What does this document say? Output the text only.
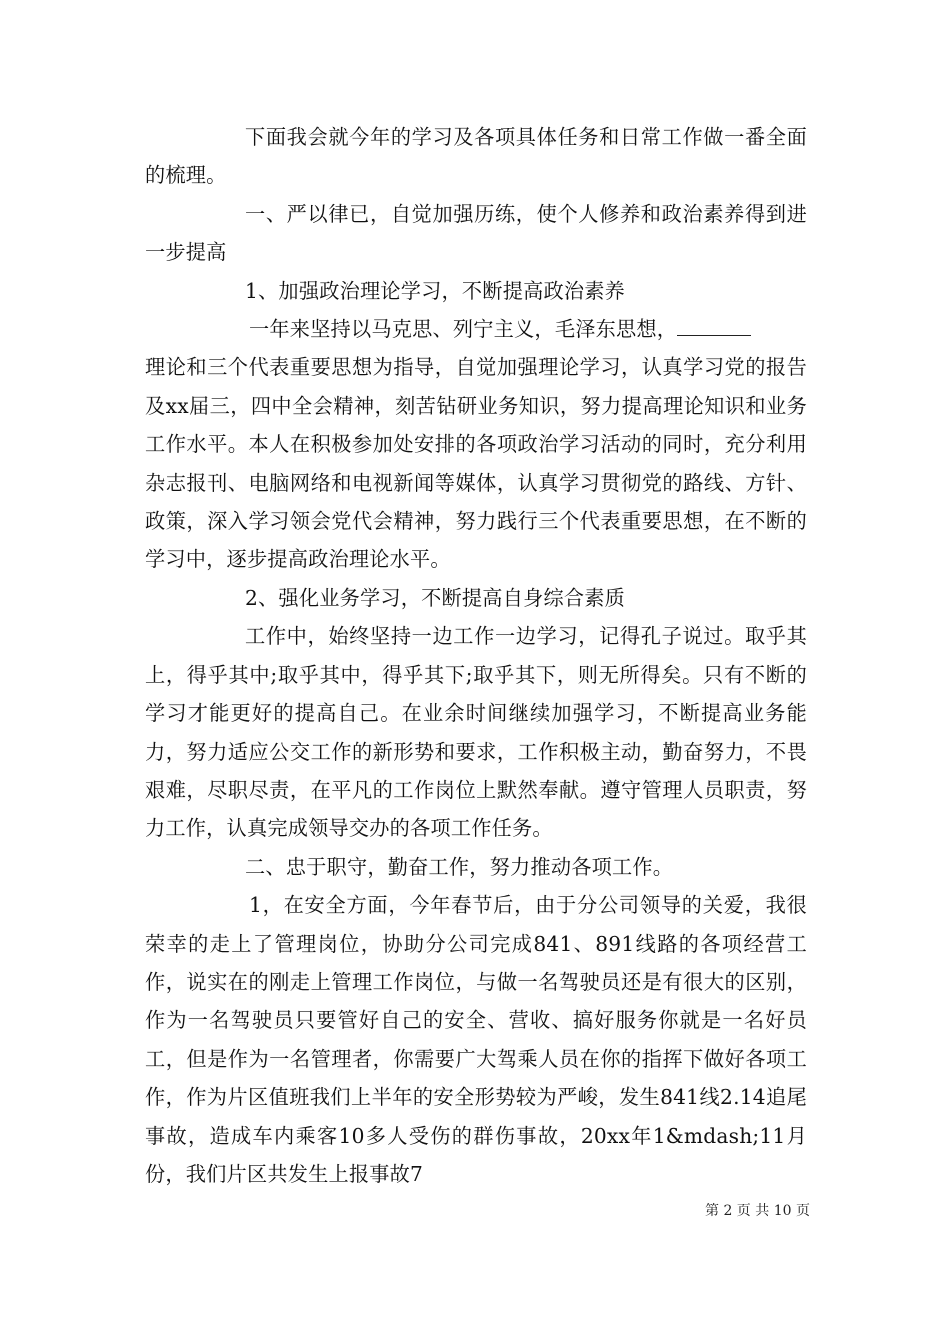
下面我会就今年的学习及各项具体任务和日常工作做一番全面的梳理。

一、严以律已，自觉加强历练，使个人修养和政治素养得到进一步提高

1、加强政治理论学习，不断提高政治素养

一年来坚持以马克思、列宁主义，毛泽东思想，

理论和三个代表重要思想为指导，自觉加强理论学习，认真学习党的报告及xx届三，四中全会精神，刻苦钻研业务知识，努力提高理论知识和业务工作水平。本人在积极参加处安排的各项政治学习活动的同时，充分利用杂志报刊、电脑网络和电视新闻等媒体，认真学习贯彻党的路线、方针、政策，深入学习领会党代会精神，努力践行三个代表重要思想，在不断的学习中，逐步提高政治理论水平。

2、强化业务学习，不断提高自身综合素质

工作中，始终坚持一边工作一边学习，记得孔子说过。取乎其上，得乎其中;取乎其中，得乎其下;取乎其下，则无所得矣。只有不断的学习才能更好的提高自己。在业余时间继续加强学习，不断提高业务能力，努力适应公交工作的新形势和要求，工作积极主动，勤奋努力，不畏艰难，尽职尽责，在平凡的工作岗位上默然奉献。遵守管理人员职责，努力工作，认真完成领导交办的各项工作任务。

二、忠于职守，勤奋工作，努力推动各项工作。

1，在安全方面，今年春节后，由于分公司领导的关爱，我很荣幸的走上了管理岗位，协助分公司完成841、891线路的各项经营工作，说实在的刚走上管理工作岗位，与做一名驾驶员还是有很大的区别，作为一名驾驶员只要管好自己的安全、营收、搞好服务你就是一名好员工，但是作为一名管理者，你需要广大驾乘人员在你的指挥下做好各项工作，作为片区值班我们上半年的安全形势较为严峻，发生841线2.14追尾事故，造成车内乘客10多人受伤的群伤事故，20xx年1&mdash;11月份，我们片区共发生上报事故7

第 2 页 共 10 页
